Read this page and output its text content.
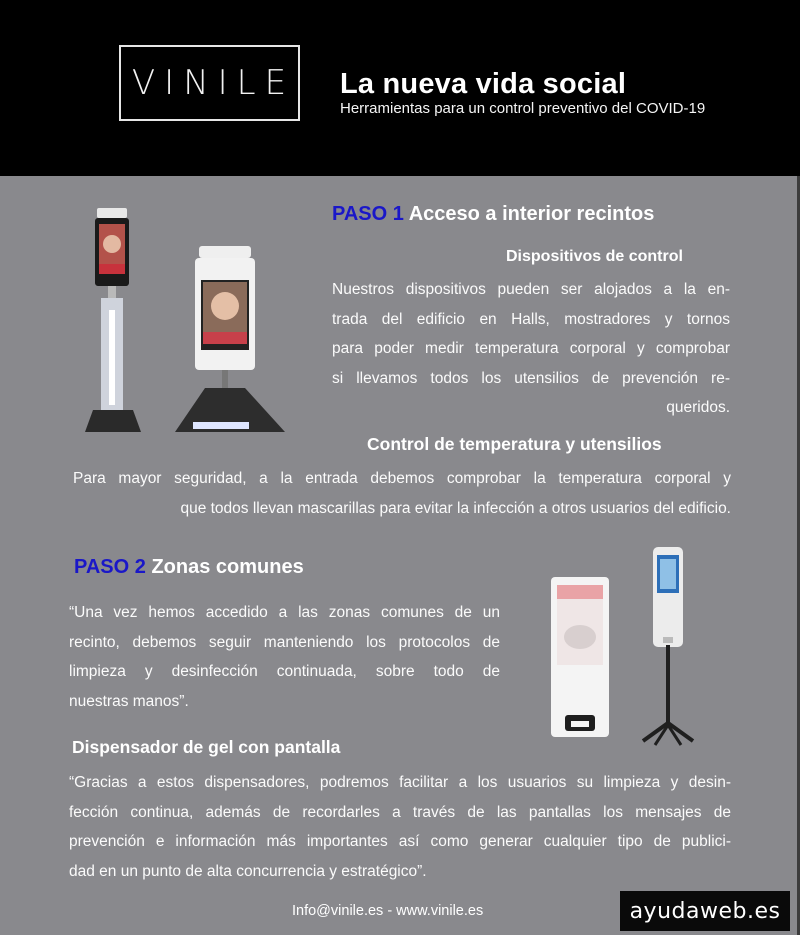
VINILE La nueva vida social
Herramientas para un control preventivo del COVID-19
PASO 1 Acceso a interior recintos
Dispositivos de control
Nuestros dispositivos pueden ser alojados a la en-
trada del edificio en Halls, mostradores y tornos
para poder medir temperatura corporal y comprobar
si llevamos todos los utensilios de prevención re-
queridos.
Control de temperatura y utensilios
Para mayor seguridad, a la entrada debemos comprobar la temperatura corporal y
que todos llevan mascarillas para evitar la infección a otros usuarios del edificio.
PASO 2 Zonas comunes
“Una vez hemos accedido a las zonas comunes de un
recinto, debemos seguir manteniendo los protocolos de
limpieza y desinfección continuada, sobre todo de
nuestras manos”.
Dispensador de gel con pantalla
“Gracias a estos dispensadores, podremos facilitar a los usuarios su limpieza y desin-
fección continua, además de recordarles a través de las pantallas los mensajes de
prevención e información más importantes así como generar cualquier tipo de publici-
dad en un punto de alta concurrencia y estratégico”.
Info@vinile.es - www.vinile.es	ayudaweb.es
